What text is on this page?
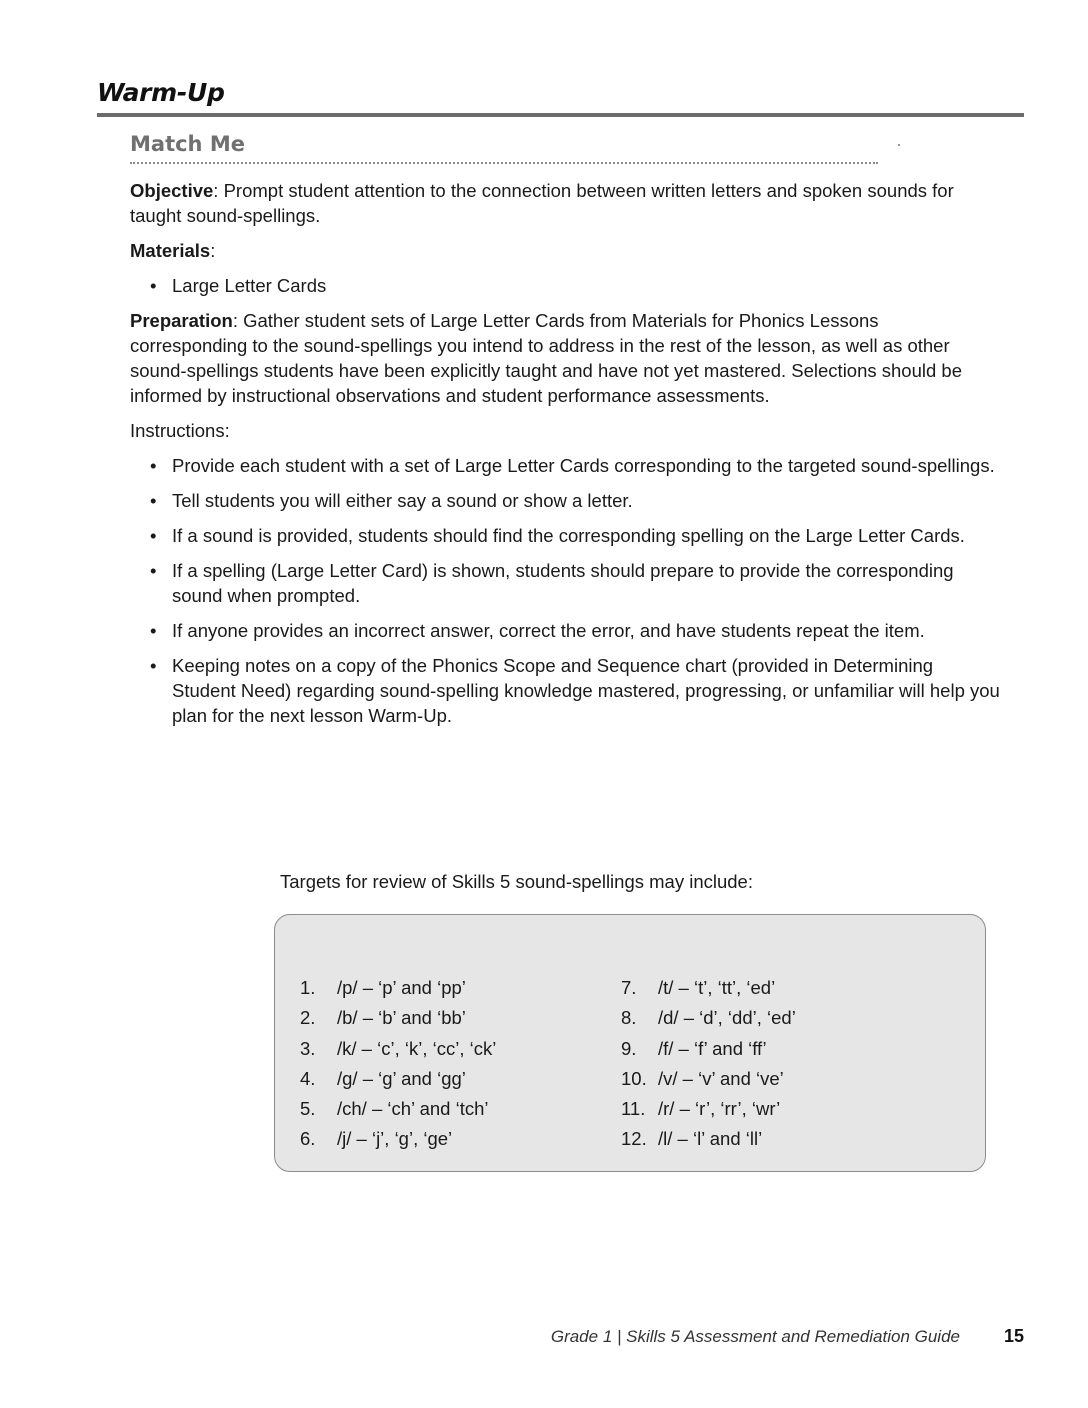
Warm-Up
Match Me

Objective: Prompt student attention to the connection between written letters and spoken sounds for taught sound-spellings.

Materials:

• Large Letter Cards

Preparation: Gather student sets of Large Letter Cards from Materials for Phonics Lessons corresponding to the sound-spellings you intend to address in the rest of the lesson, as well as other sound-spellings students have been explicitly taught and have not yet mastered. Selections should be informed by instructional observations and student performance assessments.

Instructions:

• Provide each student with a set of Large Letter Cards corresponding to the targeted sound-spellings.
• Tell students you will either say a sound or show a letter.
• If a sound is provided, students should find the corresponding spelling on the Large Letter Cards.
• If a spelling (Large Letter Card) is shown, students should prepare to provide the corresponding sound when prompted.
• If anyone provides an incorrect answer, correct the error, and have students repeat the item.
• Keeping notes on a copy of the Phonics Scope and Sequence chart (provided in Determining Student Need) regarding sound-spelling knowledge mastered, progressing, or unfamiliar will help you plan for the next lesson Warm-Up.
Targets for review of Skills 5 sound-spellings may include:
1. /p/ – ‘p’ and ‘pp’
2. /b/ – ‘b’ and ‘bb’
3. /k/ – ‘c’, ‘k’, ‘cc’, ‘ck’
4. /g/ – ‘g’ and ‘gg’
5. /ch/ – ‘ch’ and ‘tch’
6. /j/ – ‘j’, ‘g’, ‘ge’
7. /t/ – ‘t’, ‘tt’, ‘ed’
8. /d/ – ‘d’, ‘dd’, ‘ed’
9. /f/ – ‘f’ and ‘ff’
10. /v/ – ‘v’ and ‘ve’
11. /r/ – ‘r’, ‘rr’, ‘wr’
12. /l/ – ‘l’ and ‘ll’
Grade 1 | Skills 5 Assessment and Remediation Guide 15
